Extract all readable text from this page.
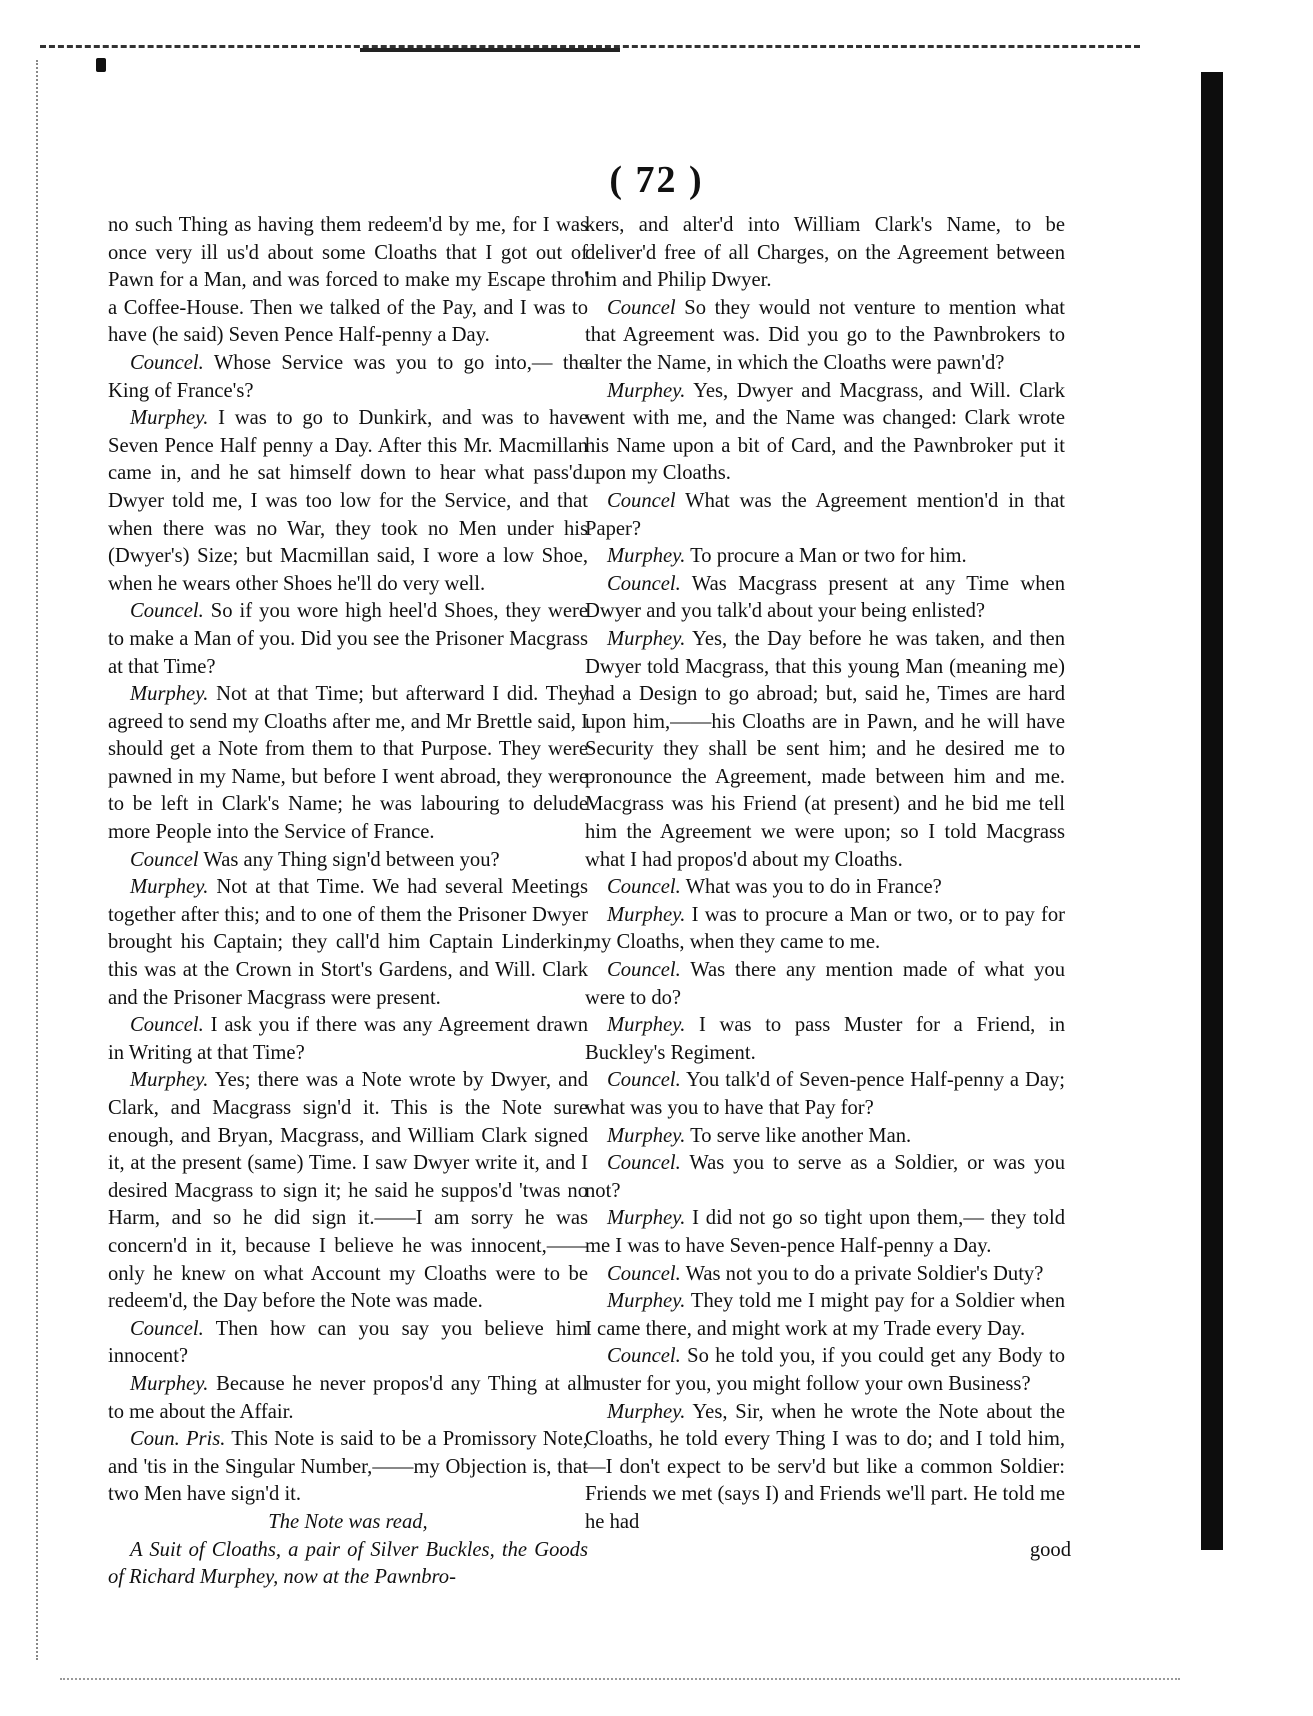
( 72 )

no such Thing as having them redeem'd by me, for I was once very ill us'd about some Cloaths that I got out of Pawn for a Man, and was forced to make my Escape thro' a Coffee-House. Then we talked of the Pay, and I was to have (he said) Seven Pence Half-penny a Day.

Councel. Whose Service was you to go into,— the King of France's?

Murphey. I was to go to Dunkirk, and was to have Seven Pence Half penny a Day. After this Mr. Macmillan came in, and he sat himself down to hear what pass'd. Dwyer told me, I was too low for the Service, and that when there was no War, they took no Men under his (Dwyer's) Size; but Macmillan said, I wore a low Shoe, when he wears other Shoes he'll do very well.

Councel. So if you wore high heel'd Shoes, they were to make a Man of you. Did you see the Prisoner Macgrass at that Time?

Murphey. Not at that Time; but afterward I did. They agreed to send my Cloaths after me, and Mr Brettle said, I should get a Note from them to that Purpose. They were pawned in my Name, but before I went abroad, they were to be left in Clark's Name; he was labouring to delude more People into the Service of France.

Councel Was any Thing sign'd between you?

Murphey. Not at that Time. We had several Meetings together after this; and to one of them the Prisoner Dwyer brought his Captain; they call'd him Captain Linderkin, this was at the Crown in Stort's Gardens, and Will. Clark and the Prisoner Macgrass were present.

Councel. I ask you if there was any Agreement drawn in Writing at that Time?

Murphey. Yes; there was a Note wrote by Dwyer, and Clark, and Macgrass sign'd it. This is the Note sure enough, and Bryan, Macgrass, and William Clark signed it, at the present (same) Time. I saw Dwyer write it, and I desired Macgrass to sign it; he said he suppos'd 'twas no Harm, and so he did sign it.——I am sorry he was concern'd in it, because I believe he was innocent,——only he knew on what Account my Cloaths were to be redeem'd, the Day before the Note was made.

Councel. Then how can you say you believe him innocent?

Murphey. Because he never propos'd any Thing at all to me about the Affair.

Coun. Pris. This Note is said to be a Promissory Note, and 'tis in the Singular Number,——my Objection is, that two Men have sign'd it.

The Note was read,

A Suit of Cloaths, a pair of Silver Buckles, the Goods of Richard Murphey, now at the Pawnbro-

kers, and alter'd into William Clark's Name, to be deliver'd free of all Charges, on the Agreement between him and Philip Dwyer.

Councel So they would not venture to mention what that Agreement was. Did you go to the Pawnbrokers to alter the Name, in which the Cloaths were pawn'd?

Murphey. Yes, Dwyer and Macgrass, and Will. Clark went with me, and the Name was changed: Clark wrote his Name upon a bit of Card, and the Pawnbroker put it upon my Cloaths.

Councel What was the Agreement mention'd in that Paper?

Murphey. To procure a Man or two for him.

Councel. Was Macgrass present at any Time when Dwyer and you talk'd about your being enlisted?

Murphey. Yes, the Day before he was taken, and then Dwyer told Macgrass, that this young Man (meaning me) had a Design to go abroad; but, said he, Times are hard upon him,——his Cloaths are in Pawn, and he will have Security they shall be sent him; and he desired me to pronounce the Agreement, made between him and me. Macgrass was his Friend (at present) and he bid me tell him the Agreement we were upon; so I told Macgrass what I had propos'd about my Cloaths.

Councel. What was you to do in France?

Murphey. I was to procure a Man or two, or to pay for my Cloaths, when they came to me.

Councel. Was there any mention made of what you were to do?

Murphey. I was to pass Muster for a Friend, in Buckley's Regiment.

Councel. You talk'd of Seven-pence Half-penny a Day; what was you to have that Pay for?

Murphey. To serve like another Man.

Councel. Was you to serve as a Soldier, or was you not?

Murphey. I did not go so tight upon them,— they told me I was to have Seven-pence Half-penny a Day.

Councel. Was not you to do a private Soldier's Duty?

Murphey. They told me I might pay for a Soldier when I came there, and might work at my Trade every Day.

Councel. So he told you, if you could get any Body to muster for you, you might follow your own Business?

Murphey. Yes, Sir, when he wrote the Note about the Cloaths, he told every Thing I was to do; and I told him,—I don't expect to be serv'd but like a common Soldier: Friends we met (says I) and Friends we'll part. He told me he had

good
